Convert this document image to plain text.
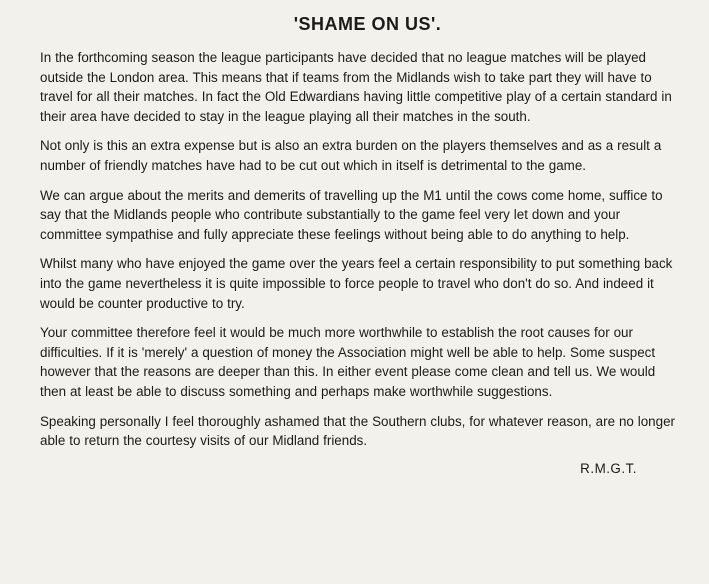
'SHAME ON US'.

In the forthcoming season the league participants have decided that no league matches will be played outside the London area. This means that if teams from the Midlands wish to take part they will have to travel for all their matches. In fact the Old Edwardians having little competitive play of a certain standard in their area have decided to stay in the league playing all their matches in the south.

Not only is this an extra expense but is also an extra burden on the players themselves and as a result a number of friendly matches have had to be cut out which in itself is detrimental to the game.

We can argue about the merits and demerits of travelling up the M1 until the cows come home, suffice to say that the Midlands people who contribute substantially to the game feel very let down and your committee sympathise and fully appreciate these feelings without being able to do anything to help.

Whilst many who have enjoyed the game over the years feel a certain responsibility to put something back into the game nevertheless it is quite impossible to force people to travel who don't do so. And indeed it would be counter productive to try.

Your committee therefore feel it would be much more worthwhile to establish the root causes for our difficulties. If it is 'merely' a question of money the Association might well be able to help. Some suspect however that the reasons are deeper than this. In either event please come clean and tell us. We would then at least be able to discuss something and perhaps make worthwhile suggestions.

Speaking personally I feel thoroughly ashamed that the Southern clubs, for whatever reason, are no longer able to return the courtesy visits of our Midland friends.

R.M.G.T.
